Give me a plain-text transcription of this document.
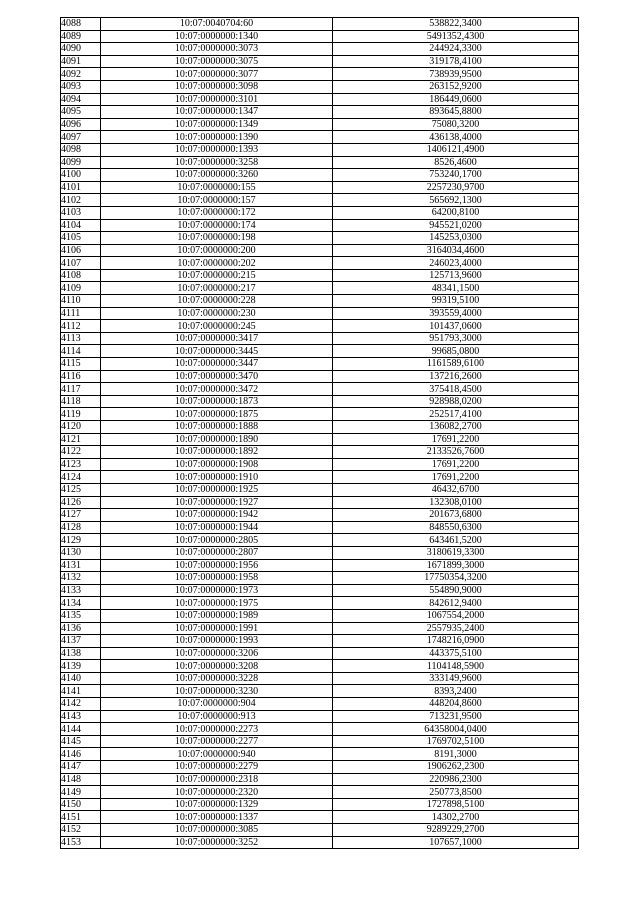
4088	10:07:0040704:60	538822,3400
4089	10:07:0000000:1340	5491352,4300
4090	10:07:0000000:3073	244924,3300
4091	10:07:0000000:3075	319178,4100
4092	10:07:0000000:3077	738939,9500
4093	10:07:0000000:3098	263152,9200
4094	10:07:0000000:3101	186449,0600
4095	10:07:0000000:1347	893645,8800
4096	10:07:0000000:1349	75080,3200
4097	10:07:0000000:1390	436138,4000
4098	10:07:0000000:1393	1406121,4900
4099	10:07:0000000:3258	8526,4600
4100	10:07:0000000:3260	753240,1700
4101	10:07:0000000:155	2257230,9700
4102	10:07:0000000:157	565692,1300
4103	10:07:0000000:172	64200,8100
4104	10:07:0000000:174	945521,0200
4105	10:07:0000000:198	145253,0300
4106	10:07:0000000:200	3164034,4600
4107	10:07:0000000:202	246023,4000
4108	10:07:0000000:215	125713,9600
4109	10:07:0000000:217	48341,1500
4110	10:07:0000000:228	99319,5100
4111	10:07:0000000:230	393559,4000
4112	10:07:0000000:245	101437,0600
4113	10:07:0000000:3417	951793,3000
4114	10:07:0000000:3445	99685,0800
4115	10:07:0000000:3447	1161589,6100
4116	10:07:0000000:3470	137216,2600
4117	10:07:0000000:3472	375418,4500
4118	10:07:0000000:1873	928988,0200
4119	10:07:0000000:1875	252517,4100
4120	10:07:0000000:1888	136082,2700
4121	10:07:0000000:1890	17691,2200
4122	10:07:0000000:1892	2133526,7600
4123	10:07:0000000:1908	17691,2200
4124	10:07:0000000:1910	17691,2200
4125	10:07:0000000:1925	46432,6700
4126	10:07:0000000:1927	132308,0100
4127	10:07:0000000:1942	201673,6800
4128	10:07:0000000:1944	848550,6300
4129	10:07:0000000:2805	643461,5200
4130	10:07:0000000:2807	3180619,3300
4131	10:07:0000000:1956	1671899,3000
4132	10:07:0000000:1958	17750354,3200
4133	10:07:0000000:1973	554890,9000
4134	10:07:0000000:1975	842612,9400
4135	10:07:0000000:1989	1067554,2000
4136	10:07:0000000:1991	2557935,2400
4137	10:07:0000000:1993	1748216,0900
4138	10:07:0000000:3206	443375,5100
4139	10:07:0000000:3208	1104148,5900
4140	10:07:0000000:3228	333149,9600
4141	10:07:0000000:3230	8393,2400
4142	10:07:0000000:904	448204,8600
4143	10:07:0000000:913	713231,9500
4144	10:07:0000000:2273	64358004,0400
4145	10:07:0000000:2277	1769702,5100
4146	10:07:0000000:940	8191,3000
4147	10:07:0000000:2279	1906262,2300
4148	10:07:0000000:2318	220986,2300
4149	10:07:0000000:2320	250773,8500
4150	10:07:0000000:1329	1727898,5100
4151	10:07:0000000:1337	14302,2700
4152	10:07:0000000:3085	9289229,2700
4153	10:07:0000000:3252	107657,1000
